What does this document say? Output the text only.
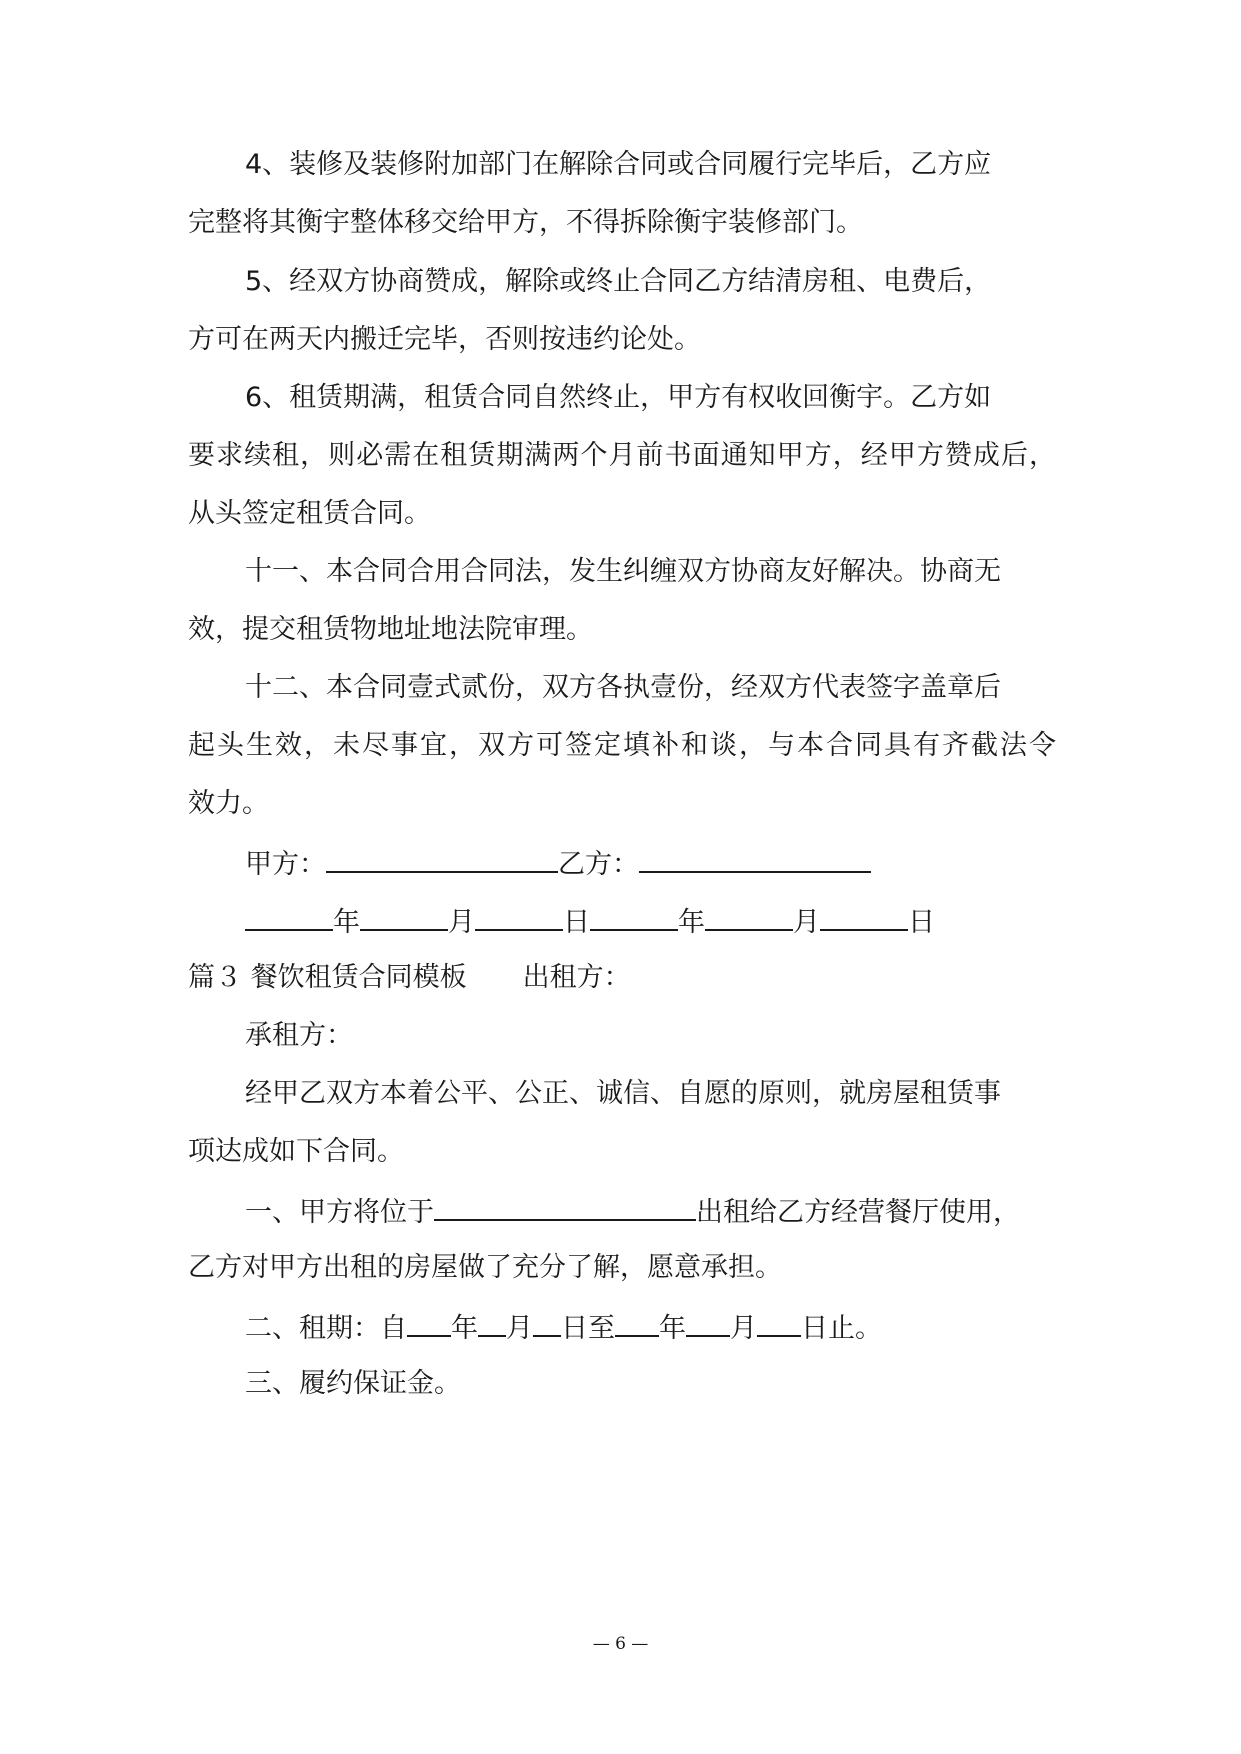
4、装修及装修附加部门在解除合同或合同履行完毕后，乙方应
完整将其衡宇整体移交给甲方，不得拆除衡宇装修部门。
5、经双方协商赞成，解除或终止合同乙方结清房租、电费后，
方可在两天内搬迁完毕，否则按违约论处。
6、租赁期满，租赁合同自然终止，甲方有权收回衡宇。乙方如
要求续租，则必需在租赁期满两个月前书面通知甲方，经甲方赞成后，
从头签定租赁合同。
十一、本合同合用合同法，发生纠缠双方协商友好解决。协商无
效，提交租赁物地址地法院审理。
十二、本合同壹式贰份，双方各执壹份，经双方代表签字盖章后
起头生效，未尽事宜，双方可签定填补和谈，与本合同具有齐截法令
效力。
甲方：	乙方：
年	月	日	年	月	日
篇３ 餐饮租赁合同模板 出租方：
承租方：
经甲乙双方本着公平、公正、诚信、自愿的原则，就房屋租赁事
项达成如下合同。
一、甲方将位于	出租给乙方经营餐厅使用，
乙方对甲方出租的房屋做了充分了解，愿意承担。
二、租期：自 年 月 日至 年 月 日止。
三、履约保证金。
— 6 —
